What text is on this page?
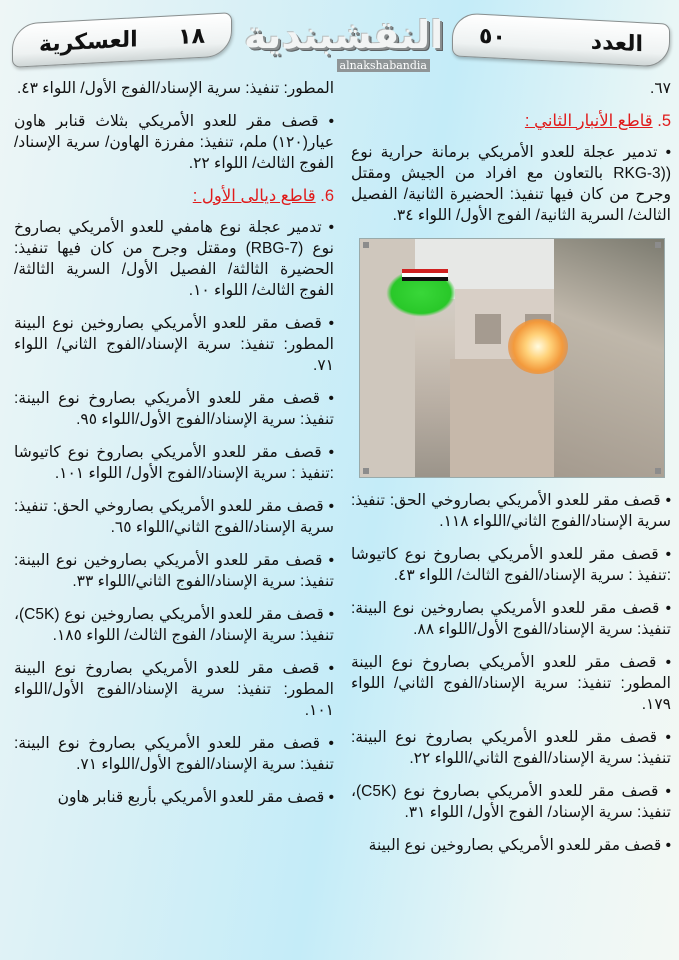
العسكرية ١٨ النقشبندية
alnakshabandia
٥٠	العدد

٦٧.

5. قاطع الأنبار الثاني :

• تدمير عجلة للعدو الأمريكي برمانة حرارية نوع ((RKG-3 بالتعاون مع افراد من الجيش ومقتل وجرح من كان فيها تنفيذ: الحضيرة الثانية/ الفصيل الثالث/ السرية الثانية/ الفوج الأول/ اللواء ٣٤.

• قصف مقر للعدو الأمريكي بصاروخي الحق: تنفيذ: سرية الإسناد/الفوج الثاني/اللواء ١١٨.

• قصف مقر للعدو الأمريكي بصاروخ نوع كاتيوشا :تنفيذ : سرية الإسناد/الفوج الثالث/ اللواء ٤٣.

• قصف مقر للعدو الأمريكي بصاروخين نوع البينة: تنفيذ: سرية الإسناد/الفوج الأول/اللواء ٨٨.

• قصف مقر للعدو الأمريكي بصاروخ نوع البينة المطور: تنفيذ: سرية الإسناد/الفوج الثاني/ اللواء ١٧٩.

• قصف مقر للعدو الأمريكي بصاروخ نوع البينة: تنفيذ: سرية الإسناد/الفوج الثاني/اللواء ٢٢.

• قصف مقر للعدو الأمريكي بصاروخ نوع (C5K)، تنفيذ: سرية الإسناد/ الفوج الأول/ اللواء ٣١.

• قصف مقر للعدو الأمريكي بصاروخين نوع البينة

المطور: تنفيذ: سرية الإسناد/الفوج الأول/ اللواء ٤٣.

• قصف مقر للعدو الأمريكي بثلاث قنابر هاون عيار(١٢٠) ملم، تنفيذ: مفرزة الهاون/ سرية الإسناد/ الفوج الثالث/ اللواء ٢٢.

6. قاطع ديالى الأول :

• تدمير عجلة نوع هامفي للعدو الأمريكي بصاروخ نوع (RBG-7) ومقتل وجرح من كان فيها تنفيذ: الحضيرة الثالثة/ الفصيل الأول/ السرية الثالثة/ الفوج الثالث/ اللواء ١٠.

• قصف مقر للعدو الأمريكي بصاروخين نوع البينة المطور: تنفيذ: سرية الإسناد/الفوج الثاني/ اللواء ٧١.

• قصف مقر للعدو الأمريكي بصاروخ نوع البينة: تنفيذ: سرية الإسناد/الفوج الأول/اللواء ٩٥.

• قصف مقر للعدو الأمريكي بصاروخ نوع كاتيوشا :تنفيذ : سرية الإسناد/الفوج الأول/ اللواء ١٠١.

• قصف مقر للعدو الأمريكي بصاروخي الحق: تنفيذ: سرية الإسناد/الفوج الثاني/اللواء ٦٥.

• قصف مقر للعدو الأمريكي بصاروخين نوع البينة: تنفيذ: سرية الإسناد/الفوج الثاني/اللواء ٣٣.

• قصف مقر للعدو الأمريكي بصاروخين نوع (C5K)، تنفيذ: سرية الإسناد/ الفوج الثالث/ اللواء ١٨٥.

• قصف مقر للعدو الأمريكي بصاروخ نوع البينة المطور: تنفيذ: سرية الإسناد/الفوج الأول/اللواء ١٠١.

• قصف مقر للعدو الأمريكي بصاروخ نوع البينة: تنفيذ: سرية الإسناد/الفوج الأول/اللواء ٧١.

• قصف مقر للعدو الأمريكي بأربع قنابر هاون
